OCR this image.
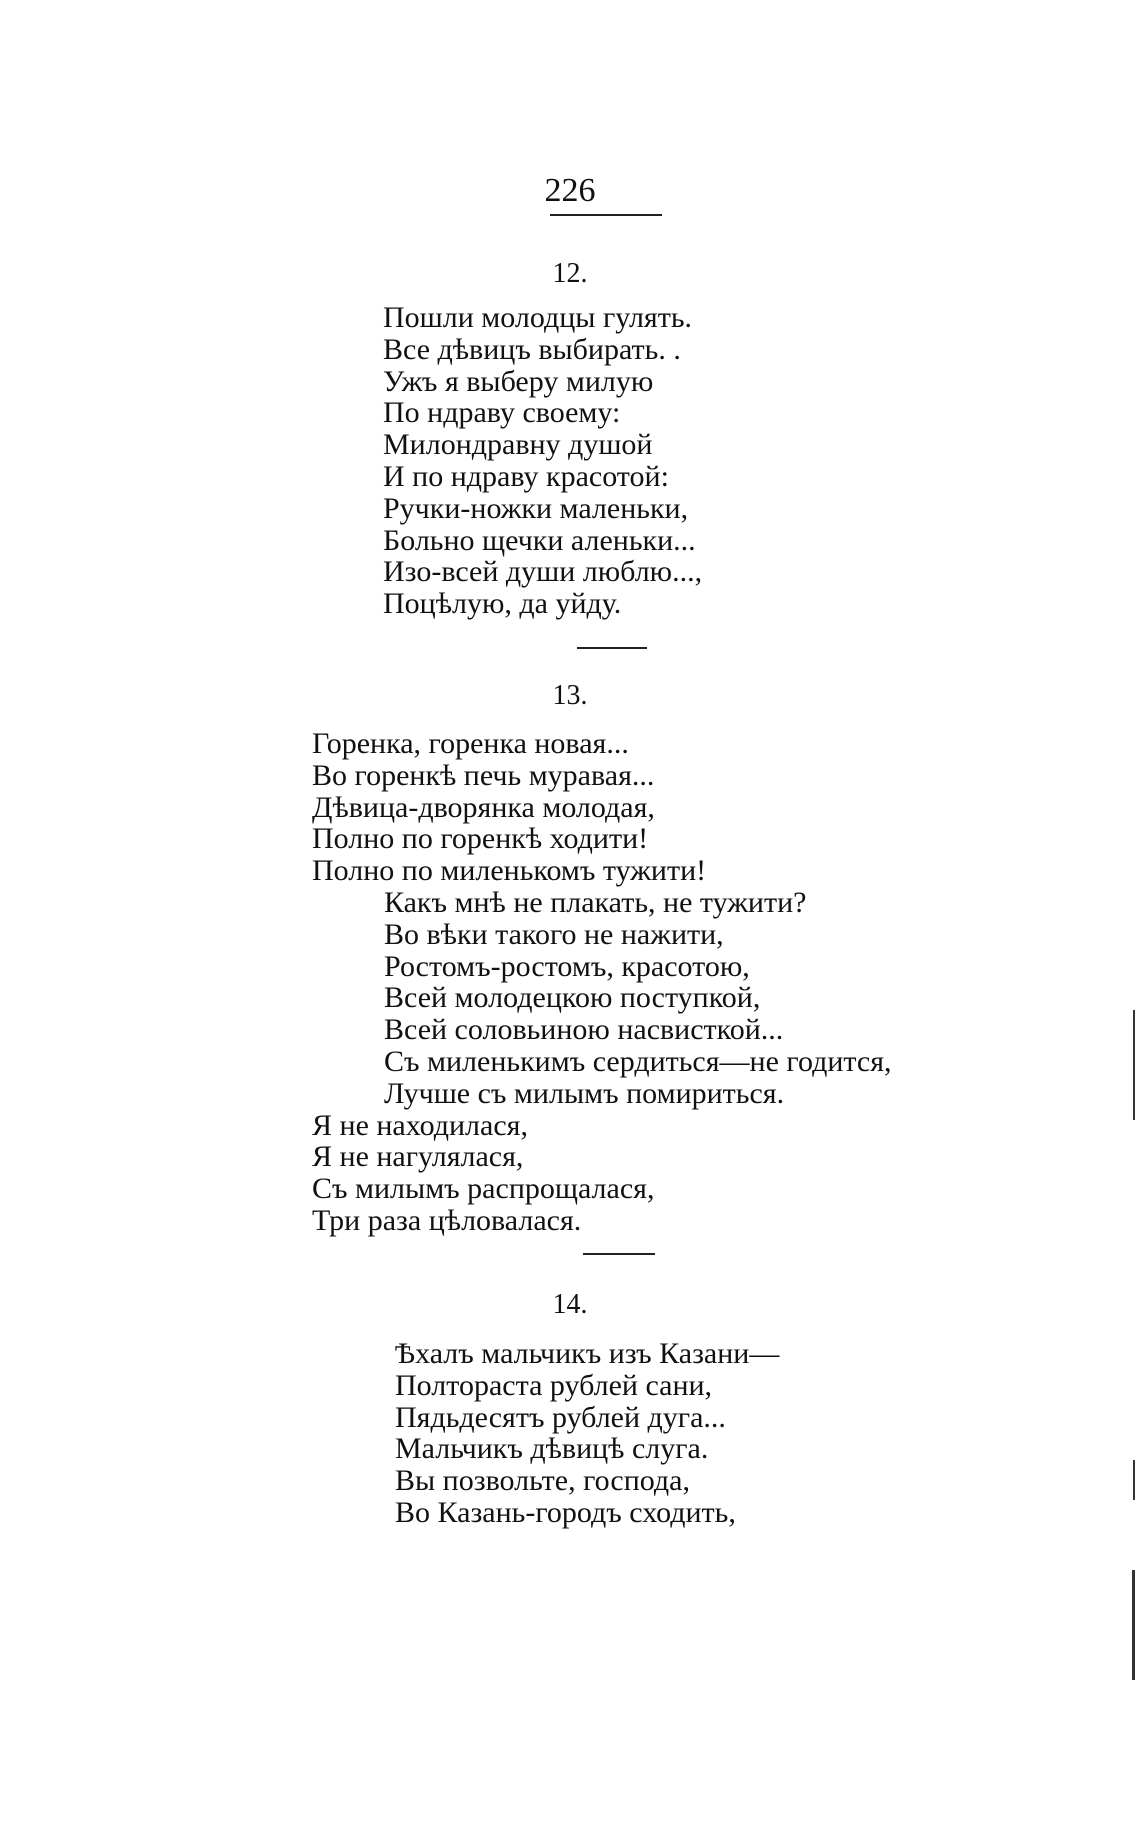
226
12.
Пошли молодцы гулять.
Все дѣвицъ выбирать. .
Ужъ я выберу милую
По ндраву своему:
Милондравну душой
И по ндраву красотой:
Ручки-ножки маленьки,
Больно щечки аленьки...
Изо-всей души люблю...,
Поцѣлую, да уйду.
13.
Горенка, горенка новая...
Во горенкѣ печь муравая...
Дѣвица-дворянка молодая,
Полно по горенкѣ ходити!
Полно по миленькомъ тужити!
Какъ мнѣ не плакать, не тужити?
Во вѣки такого не нажити,
Ростомъ-ростомъ, красотою,
Всей молодецкою поступкой,
Всей соловьиною насвисткой...
Съ миленькимъ сердиться—не годится,
Лучше съ милымъ помириться.
Я не находилася,
Я не нагулялася,
Съ милымъ распрощалася,
Три раза цѣловалася.
14.
Ѣхалъ мальчикъ изъ Казани—
Полтораста рублей сани,
Пядьдесятъ рублей дуга...
Мальчикъ дѣвицѣ слуга.
Вы позвольте, господа,
Во Казань-городъ сходить,
